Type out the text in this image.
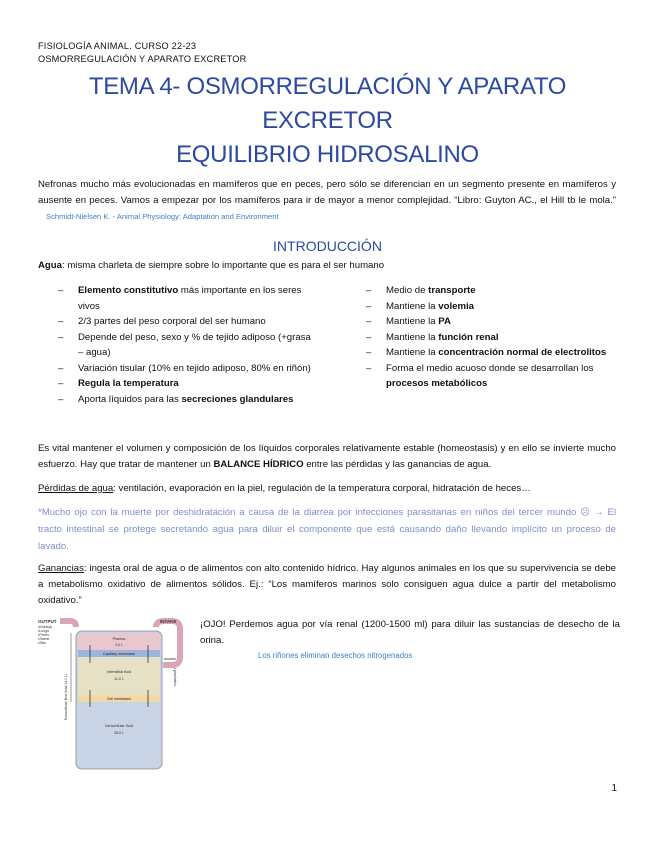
FISIOLOGÍA ANIMAL. CURSO 22-23
OSMORREGULACIÓN Y APARATO EXCRETOR
TEMA 4- OSMORREGULACIÓN Y APARATO
EXCRETOR
EQUILIBRIO HIDROSALINO
Nefronas mucho más evolucionadas en mamíferos que en peces, pero sólo se diferencian en un segmento presente en mamíferos y ausente en peces. Vamos a empezar por los mamíferos para ir de mayor a menor complejidad. “Libro: Guyton AC., el Hill tb le mola.”    Schmidt-Nielsen K. - Animal Physiology: Adaptation and Environment
INTRODUCCIÓN
Agua: misma charleta de siempre sobre lo importante que es para el ser humano
– Elemento constitutivo más importante en los seres vivos
– 2/3 partes del peso corporal del ser humano
– Depende del peso, sexo y % de tejido adiposo (+grasa – agua)
– Variación tisular (10% en tejido adiposo, 80% en riñón)
– Regula la temperatura
– Aporta líquidos para las secreciones glandulares
– Medio de transporte
– Mantiene la volemia
– Mantiene la PA
– Mantiene la función renal
– Mantiene la concentración normal de electrolitos
– Forma el medio acuoso donde se desarrollan los procesos metabólicos
Es vital mantener el volumen y composición de los líquidos corporales relativamente estable (homeostasis) y en ello se invierte mucho esfuerzo. Hay que tratar de mantener un BALANCE HÍDRICO entre las pérdidas y las ganancias de agua.
Pérdidas de agua: ventilación, evaporación en la piel, regulación de la temperatura corporal, hidratación de heces…
*Mucho ojo con la muerte por deshidratación a causa de la diarrea por infecciones parasitarias en niños del tercer mundo ☹ → El tracto intestinal se protege secretando agua para diluir el componente que está causando daño llevando implícito un proceso de lavado.
Ganancias: ingesta oral de agua o de alimentos con alto contenido hídrico. Hay algunos animales en los que su supervivencia se debe a metabolismo oxidativo de alimentos sólidos. Ej.: “Los mamíferos marinos solo consiguen agua dulce a partir del metabolismo oxidativo.”
¡OJO! Perdemos agua por vía renal (1200-1500 ml) para diluir las sustancias de desecho de la orina.
Los riñones eliminan desechos nitrogenados
OUTPUT
•Kidneys
•Lungs
•Feces
•Sweat
•Skin
INTAKE
Plasma
3.0 L
Capillary membrane
Interstitial fluid
11.0 L
Cell membrane
Intracellular fluid
28.0 L
Extracellular fluid (total 14.0 L)	Lymphatics
1
